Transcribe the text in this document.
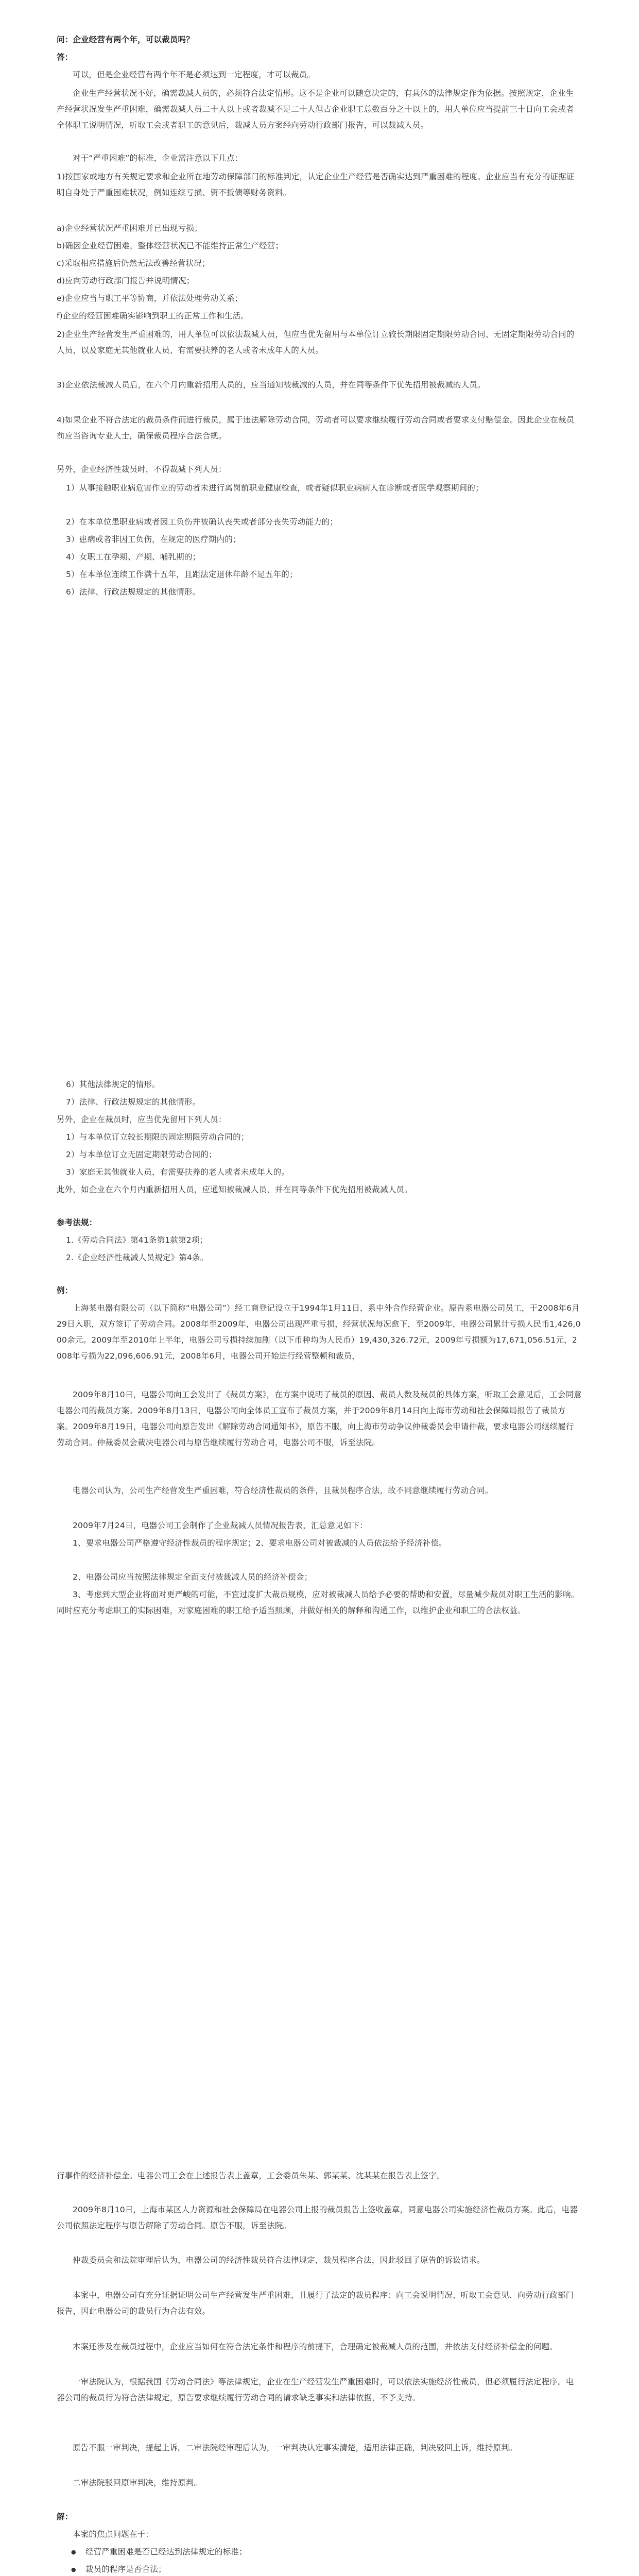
问：企业经营有两个年，可以裁员吗？
答：
可以，但是企业经营有两个年不是必须达到一定程度，才可以裁员。
企业生产经营状况不好，确需裁减人员的，必须符合法定情形。这不是企业可以随意决定的，有具体的法律规定作为依据。按照规定，企业生产经营状况发生严重困难，确需裁减人员二十人以上或者裁减不足二十人但占企业职工总数百分之十以上的，用人单位应当提前三十日向工会或者全体职工说明情况，听取工会或者职工的意见后，裁减人员方案经向劳动行政部门报告，可以裁减人员。
对于“严重困难”的标准，企业需注意以下几点：
1)按国家或地方有关规定要求和企业所在地劳动保障部门的标准判定，认定企业生产经营是否确实达到严重困难的程度。企业应当有充分的证据证明自身处于严重困难状况，例如连续亏损、资不抵债等财务资料。
a)企业经营状况严重困难并已出现亏损；
b)确因企业经营困难，整体经营状况已不能维持正常生产经营；
c)采取相应措施后仍然无法改善经营状况；
d)应向劳动行政部门报告并说明情况；
e)企业应当与职工平等协商，并依法处理劳动关系；
f)企业的经营困难确实影响到职工的正常工作和生活。
2)企业生产经营发生严重困难的，用人单位可以依法裁减人员，但应当优先留用与本单位订立较长期限固定期限劳动合同、无固定期限劳动合同的人员，以及家庭无其他就业人员、有需要扶养的老人或者未成年人的人员。
3)企业依法裁减人员后，在六个月内重新招用人员的，应当通知被裁减的人员，并在同等条件下优先招用被裁减的人员。
4)如果企业不符合法定的裁员条件而进行裁员，属于违法解除劳动合同，劳动者可以要求继续履行劳动合同或者要求支付赔偿金。因此企业在裁员前应当咨询专业人士，确保裁员程序合法合规。
另外，企业经济性裁员时，不得裁减下列人员：
1）从事接触职业病危害作业的劳动者未进行离岗前职业健康检查，或者疑似职业病病人在诊断或者医学观察期间的；
2）在本单位患职业病或者因工负伤并被确认丧失或者部分丧失劳动能力的；
3）患病或者非因工负伤，在规定的医疗期内的；
4）女职工在孕期、产期、哺乳期的；
5）在本单位连续工作满十五年，且距法定退休年龄不足五年的；
6）法律、行政法规规定的其他情形。
6）其他法律规定的情形。
7）法律、行政法规规定的其他情形。
另外，企业在裁员时，应当优先留用下列人员：
1）与本单位订立较长期限的固定期限劳动合同的；
2）与本单位订立无固定期限劳动合同的；
3）家庭无其他就业人员，有需要扶养的老人或者未成年人的。
此外，如企业在六个月内重新招用人员，应通知被裁减人员，并在同等条件下优先招用被裁减人员。
参考法规：
1.《劳动合同法》第41条第1款第2项；
2.《企业经济性裁减人员规定》第4条。
例：
上海某电器有限公司（以下简称“电器公司”）经工商登记设立于1994年1月11日，系中外合作经营企业。原告系电器公司员工，于2008年6月29日入职，双方签订了劳动合同。2008年至2009年，电器公司出现严重亏损，经营状况每况愈下，至2009年，电器公司累计亏损人民币1,426,000余元。2009年至2010年上半年，电器公司亏损持续加剧（以下币种均为人民币）19,430,326.72元，2009年亏损额为17,671,056.51元，2008年亏损为22,096,606.91元，2008年6月，电器公司开始进行经营整顿和裁员，
2009年8月10日，电器公司向工会发出了《裁员方案》，在方案中说明了裁员的原因、裁员人数及裁员的具体方案，听取工会意见后，工会同意电器公司的裁员方案。2009年8月13日，电器公司向全体员工宣布了裁员方案，并于2009年8月14日向上海市劳动和社会保障局报告了裁员方案。2009年8月19日，电器公司向原告发出《解除劳动合同通知书》，原告不服，向上海市劳动争议仲裁委员会申请仲裁，要求电器公司继续履行劳动合同。仲裁委员会裁决电器公司与原告继续履行劳动合同，电器公司不服，诉至法院。
电器公司认为，公司生产经营发生严重困难，符合经济性裁员的条件，且裁员程序合法，故不同意继续履行劳动合同。
2009年7月24日，电器公司工会制作了企业裁减人员情况报告表，汇总意见如下：
1、要求电器公司严格遵守经济性裁员的程序规定；2、要求电器公司对被裁减的人员依法给予经济补偿。
2、电器公司应当按照法律规定全面支付被裁减人员的经济补偿金；
3、考虑到大型企业将面对更严峻的可能，不宜过度扩大裁员规模，应对被裁减人员给予必要的帮助和安置，尽量减少裁员对职工生活的影响。同时应充分考虑职工的实际困难，对家庭困难的职工给予适当照顾，并做好相关的解释和沟通工作，以维护企业和职工的合法权益。
行事件的经济补偿金。电器公司工会在上述报告表上盖章，工会委员朱某、郭某某、沈某某在报告表上签字。
2009年8月10日，上海市某区人力资源和社会保障局在电器公司上报的裁员报告上签收盖章，同意电器公司实施经济性裁员方案。此后，电器公司依照法定程序与原告解除了劳动合同。原告不服，诉至法院。
仲裁委员会和法院审理后认为，电器公司的经济性裁员符合法律规定，裁员程序合法，因此驳回了原告的诉讼请求。
本案中，电器公司有充分证据证明公司生产经营发生严重困难，且履行了法定的裁员程序：向工会说明情况、听取工会意见、向劳动行政部门报告，因此电器公司的裁员行为合法有效。
本案还涉及在裁员过程中，企业应当如何在符合法定条件和程序的前提下，合理确定被裁减人员的范围，并依法支付经济补偿金的问题。
一审法院认为，根据我国《劳动合同法》等法律规定，企业在生产经营发生严重困难时，可以依法实施经济性裁员，但必须履行法定程序。电器公司的裁员行为符合法律规定，原告要求继续履行劳动合同的请求缺乏事实和法律依据，不予支持。
原告不服一审判决，提起上诉。二审法院经审理后认为，一审判决认定事实清楚，适用法律正确，判决驳回上诉，维持原判。
二审法院驳回原审判决，维持原判。
解：
本案的焦点问题在于：
● 经营严重困难是否已经达到法律规定的标准；
● 裁员的程序是否合法；
